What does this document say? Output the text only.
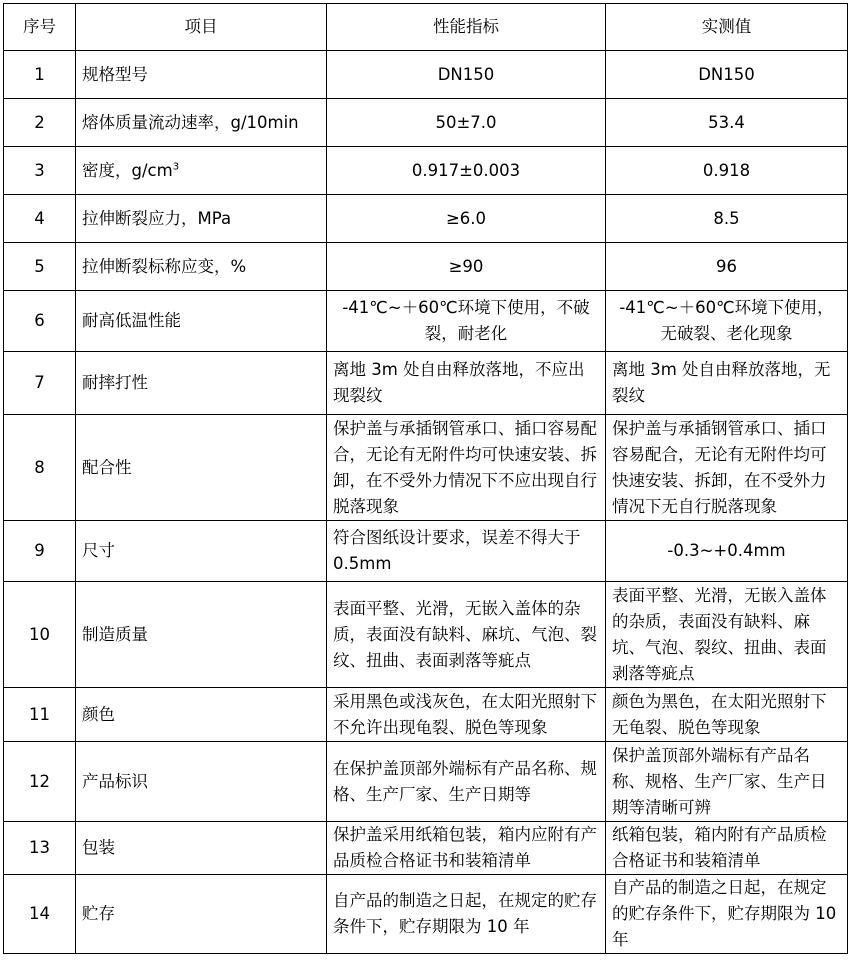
序号	项目	性能指标	实测值
1	规格型号	DN150	DN150
2	熔体质量流动速率，g/10min	50±7.0	53.4
3	密度，$g/cm^3$	0.917±0.003	0.918
4	拉伸断裂应力，MPa	≥6.0	8.5
5	拉伸断裂标称应变，%	≥90	96
6	耐高低温性能	-41℃~＋60℃环境下使用，不破裂，耐老化	-41℃~＋60℃环境下使用，无破裂、老化现象
7	耐摔打性	离地 3m 处自由释放落地，不应出现裂纹	离地 3m 处自由释放落地，无裂纹
8	配合性	保护盖与承插钢管承口、插口容易配合，无论有无附件均可快速安装、拆卸，在不受外力情况下不应出现自行脱落现象	保护盖与承插钢管承口、插口容易配合，无论有无附件均可快速安装、拆卸，在不受外力情况下无自行脱落现象
9	尺寸	符合图纸设计要求，误差不得大于 0.5mm	-0.3~+0.4mm
10	制造质量	表面平整、光滑，无嵌入盖体的杂质，表面没有缺料、麻坑、气泡、裂纹、扭曲、表面剥落等疵点	表面平整、光滑，无嵌入盖体的杂质，表面没有缺料、麻坑、气泡、裂纹、扭曲、表面剥落等疵点
11	颜色	采用黑色或浅灰色，在太阳光照射下不允许出现龟裂、脱色等现象	颜色为黑色，在太阳光照射下无龟裂、脱色等现象
12	产品标识	在保护盖顶部外端标有产品名称、规格、生产厂家、生产日期等	保护盖顶部外端标有产品名称、规格、生产厂家、生产日期等清晰可辨
13	包装	保护盖采用纸箱包装，箱内应附有产品质检合格证书和装箱清单	纸箱包装，箱内附有产品质检合格证书和装箱清单
14	贮存	自产品的制造之日起，在规定的贮存条件下，贮存期限为 10 年	自产品的制造之日起，在规定的贮存条件下，贮存期限为 10 年
